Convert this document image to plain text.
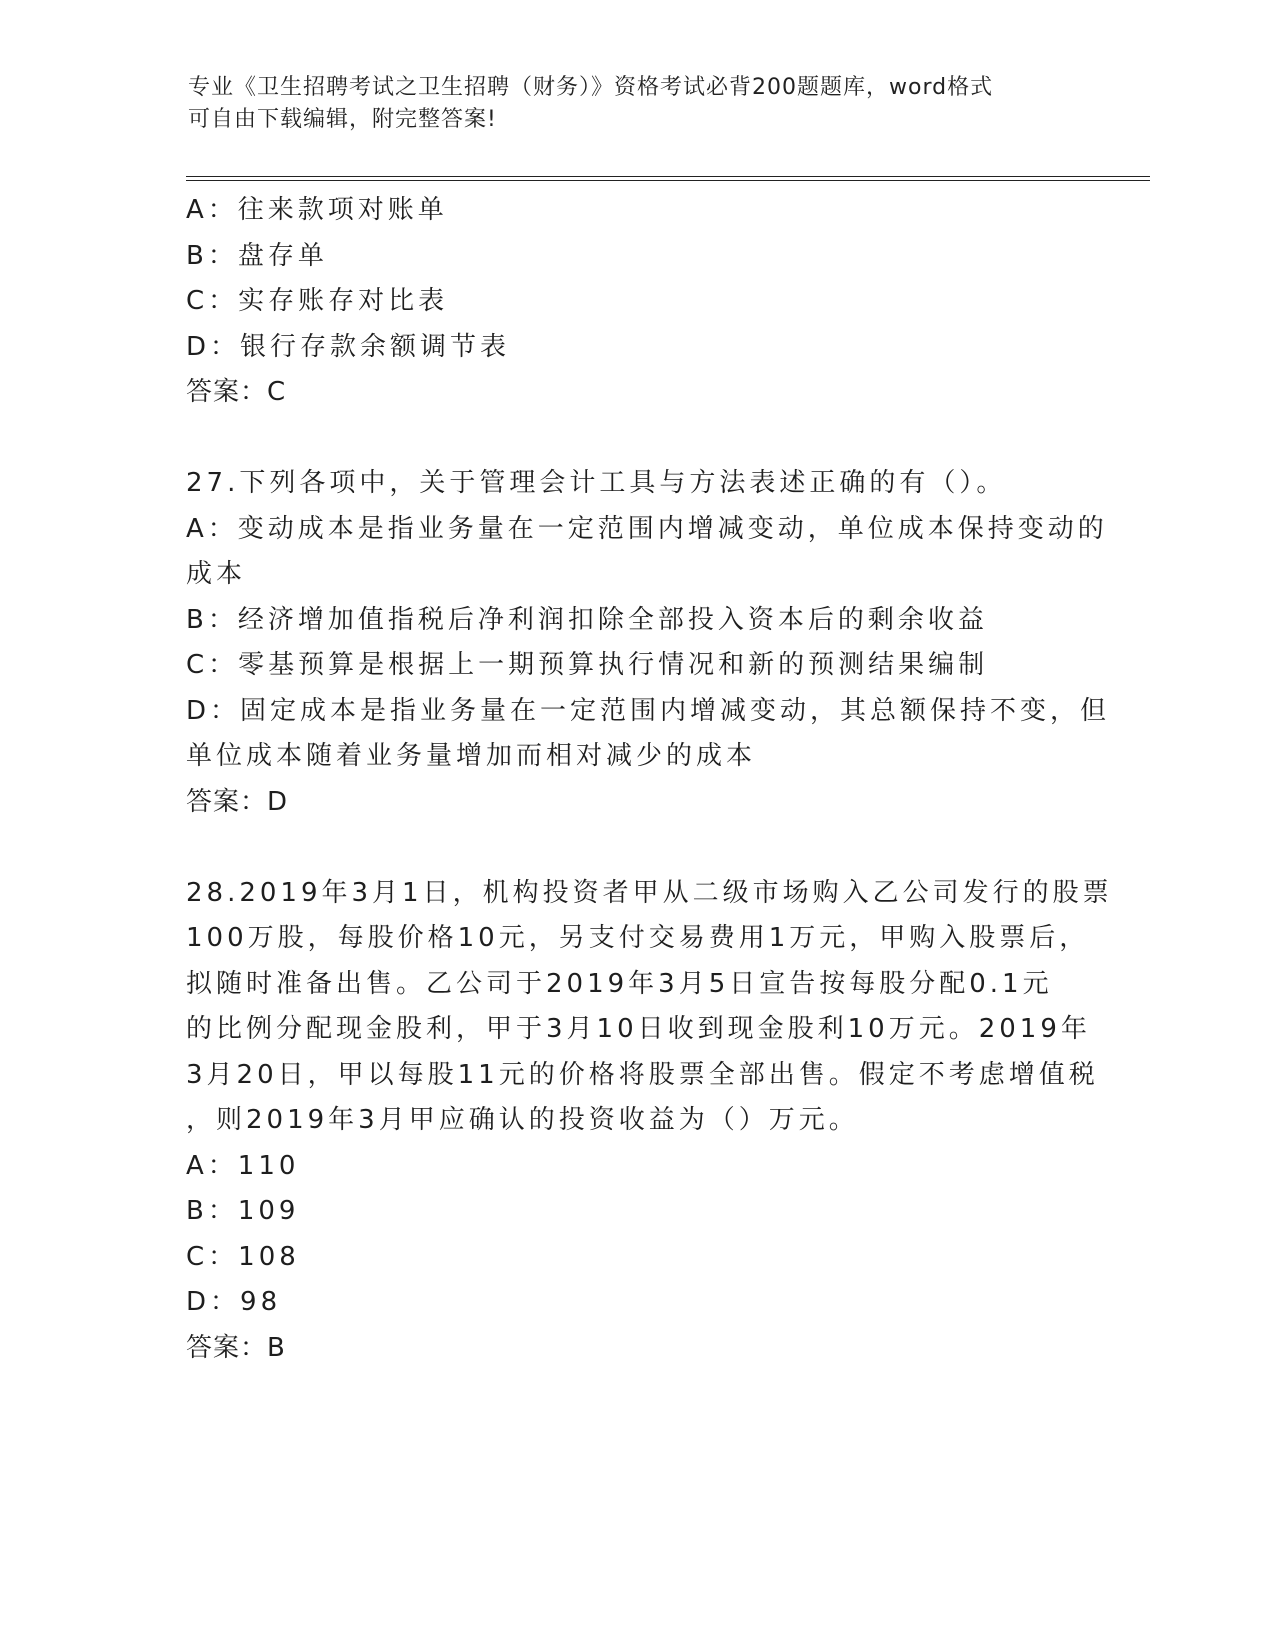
专业《卫生招聘考试之卫生招聘（财务）》资格考试必背200题题库，word格式
可自由下载编辑，附完整答案!
A：往来款项对账单
B：盘存单
C：实存账存对比表
D：银行存款余额调节表
答案：C
27.下列各项中，关于管理会计工具与方法表述正确的有（）。
A：变动成本是指业务量在一定范围内增减变动，单位成本保持变动的
成本
B：经济增加值指税后净利润扣除全部投入资本后的剩余收益
C：零基预算是根据上一期预算执行情况和新的预测结果编制
D：固定成本是指业务量在一定范围内增减变动，其总额保持不变，但
单位成本随着业务量增加而相对减少的成本
答案：D
28.2019年3月1日，机构投资者甲从二级市场购入乙公司发行的股票
100万股，每股价格10元，另支付交易费用1万元，甲购入股票后，
拟随时准备出售。乙公司于2019年3月5日宣告按每股分配0.1元
的比例分配现金股利，甲于3月10日收到现金股利10万元。2019年
3月20日，甲以每股11元的价格将股票全部出售。假定不考虑增值税
，则2019年3月甲应确认的投资收益为（）万元。
A：110
B：109
C：108
D：98
答案：B
